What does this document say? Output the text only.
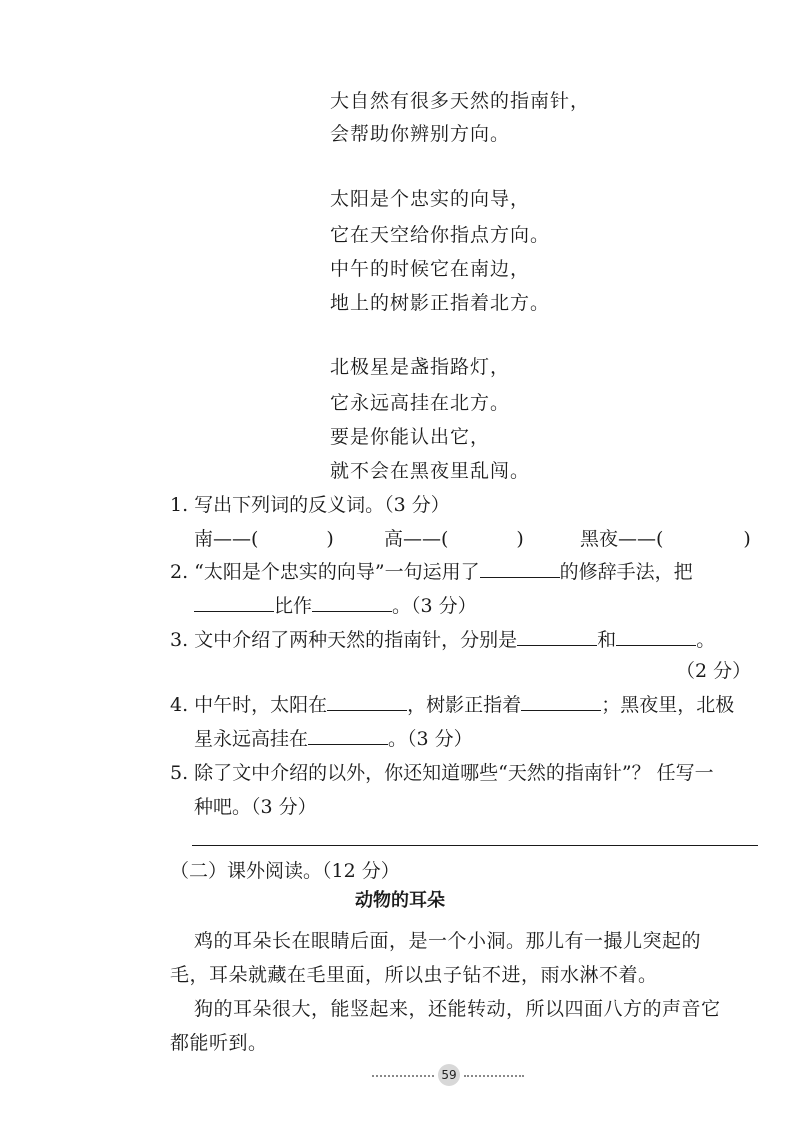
大自然有很多天然的指南针，
会帮助你辨别方向。
太阳是个忠实的向导，
它在天空给你指点方向。
中午的时候它在南边，
地上的树影正指着北方。
北极星是盏指路灯，
它永远高挂在北方。
要是你能认出它，
就不会在黑夜里乱闯。
1. 写出下列词的反义词。（3 分）
南——(	)	高——(	)	黑夜——(	)
2. “太阳是个忠实的向导”一句运用了	的修辞手法，把
比作	。（3 分）
3. 文中介绍了两种天然的指南针，分别是	和	。
（2 分）
4. 中午时，太阳在	，树影正指着	；黑夜里，北极
星永远高挂在	。（3 分）
5. 除了文中介绍的以外，你还知道哪些“天然的指南针”？ 任写一
种吧。（3 分）
（二）课外阅读。（12 分）
动物的耳朵
鸡的耳朵长在眼睛后面，是一个小洞。那儿有一撮儿突起的
毛，耳朵就藏在毛里面，所以虫子钻不进，雨水淋不着。
狗的耳朵很大，能竖起来，还能转动，所以四面八方的声音它
都能听到。
59
